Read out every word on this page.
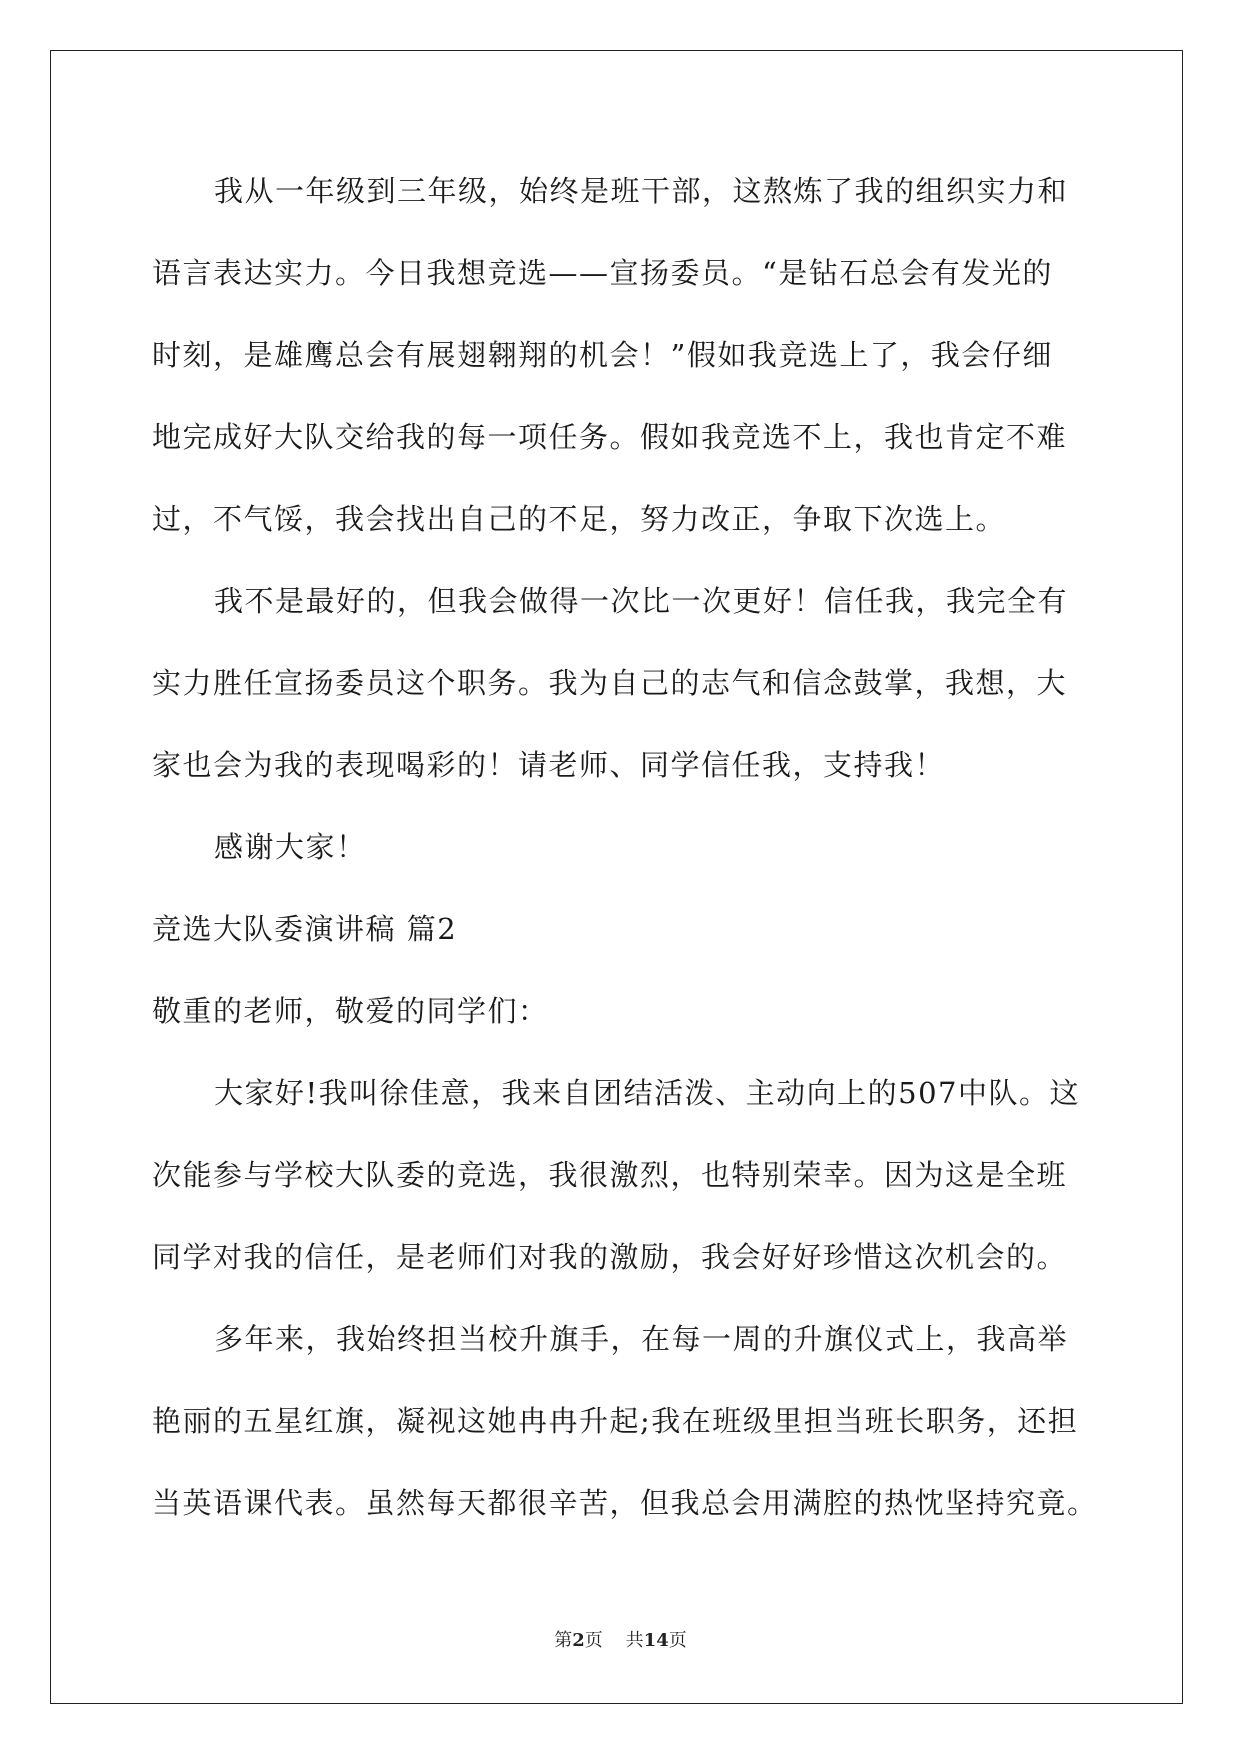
我从一年级到三年级，始终是班干部，这熬炼了我的组织实力和
语言表达实力。今日我想竞选——宣扬委员。“是钻石总会有发光的
时刻，是雄鹰总会有展翅翱翔的机会！”假如我竞选上了，我会仔细
地完成好大队交给我的每一项任务。假如我竞选不上，我也肯定不难
过，不气馁，我会找出自己的不足，努力改正，争取下次选上。
我不是最好的，但我会做得一次比一次更好！信任我，我完全有
实力胜任宣扬委员这个职务。我为自己的志气和信念鼓掌，我想，大
家也会为我的表现喝彩的！请老师、同学信任我，支持我！
感谢大家！
竞选大队委演讲稿 篇2
敬重的老师，敬爱的同学们：
大家好!我叫徐佳意，我来自团结活泼、主动向上的507中队。这
次能参与学校大队委的竞选，我很激烈，也特别荣幸。因为这是全班
同学对我的信任，是老师们对我的激励，我会好好珍惜这次机会的。
多年来，我始终担当校升旗手，在每一周的升旗仪式上，我高举
艳丽的五星红旗，凝视这她冉冉升起;我在班级里担当班长职务，还担
当英语课代表。虽然每天都很辛苦，但我总会用满腔的热忱坚持究竟。
第2页 共14页
